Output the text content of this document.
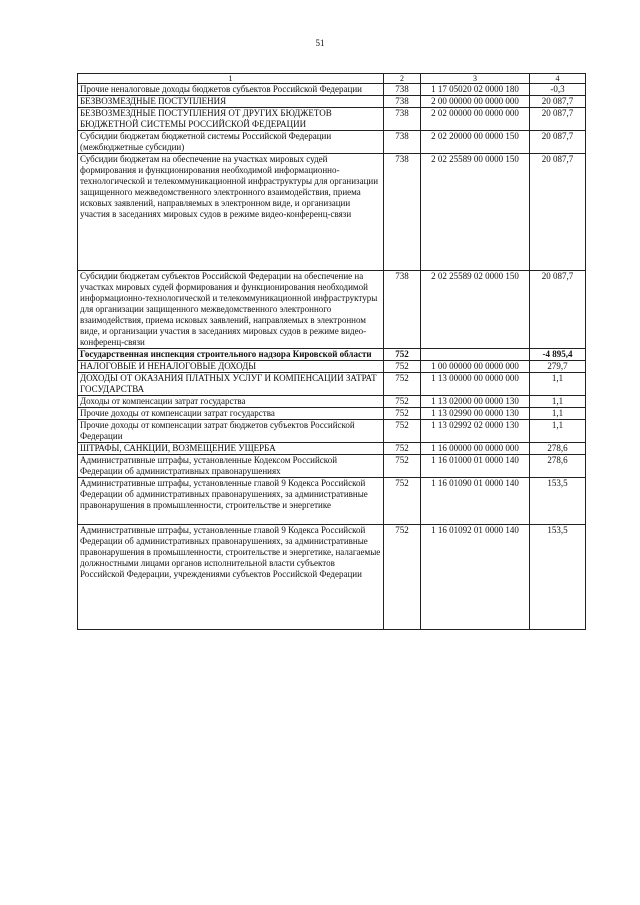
51
1	2	3	4
Прочие неналоговые доходы бюджетов субъектов Российской Федерации	738	1 17 05020 02 0000 180	-0,3
БЕЗВОЗМЕЗДНЫЕ ПОСТУПЛЕНИЯ	738	2 00 00000 00 0000 000	20 087,7
БЕЗВОЗМЕЗДНЫЕ ПОСТУПЛЕНИЯ ОТ ДРУГИХ БЮДЖЕТОВ БЮДЖЕТНОЙ СИСТЕМЫ РОССИЙСКОЙ ФЕДЕРАЦИИ	738	2 02 00000 00 0000 000	20 087,7
Субсидии бюджетам бюджетной системы Российской Федерации (межбюджетные субсидии)	738	2 02 20000 00 0000 150	20 087,7
Субсидии бюджетам на обеспечение на участках мировых судей формирования и функционирования необходимой информационно-технологической и телекоммуникационной инфраструктуры для организации защищенного межведомственного электронного взаимодействия, приема исковых заявлений, направляемых в электронном виде, и организации участия в заседаниях мировых судов в режиме видео-конференц-связи	738	2 02 25589 00 0000 150	20 087,7
Субсидии бюджетам субъектов Российской Федерации на обеспечение на участках мировых судей формирования и функционирования необходимой информационно-технологической и телекоммуникационной инфраструктуры для организации защищенного межведомственного электронного взаимодействия, приема исковых заявлений, направляемых в электронном виде, и организации участия в заседаниях мировых судов в режиме видео-конференц-связи	738	2 02 25589 02 0000 150	20 087,7
Государственная инспекция строительного надзора Кировской области	752		-4 895,4
НАЛОГОВЫЕ И НЕНАЛОГОВЫЕ ДОХОДЫ	752	1 00 00000 00 0000 000	279,7
ДОХОДЫ ОТ ОКАЗАНИЯ ПЛАТНЫХ УСЛУГ И КОМПЕНСАЦИИ ЗАТРАТ ГОСУДАРСТВА	752	1 13 00000 00 0000 000	1,1
Доходы от компенсации затрат государства	752	1 13 02000 00 0000 130	1,1
Прочие доходы от компенсации затрат государства	752	1 13 02990 00 0000 130	1,1
Прочие доходы от компенсации затрат бюджетов субъектов Российской Федерации	752	1 13 02992 02 0000 130	1,1
ШТРАФЫ, САНКЦИИ, ВОЗМЕЩЕНИЕ УЩЕРБА	752	1 16 00000 00 0000 000	278,6
Административные штрафы, установленные Кодексом Российской Федерации об административных правонарушениях	752	1 16 01000 01 0000 140	278,6
Административные штрафы, установленные главой 9 Кодекса Российской Федерации об административных правонарушениях, за административные правонарушения в промышленности, строительстве и энергетике	752	1 16 01090 01 0000 140	153,5
Административные штрафы, установленные главой 9 Кодекса Российской Федерации об административных правонарушениях, за административные правонарушения в промышленности, строительстве и энергетике, налагаемые должностными лицами органов исполнительной власти субъектов Российской Федерации, учреждениями субъектов Российской Федерации	752	1 16 01092 01 0000 140	153,5
